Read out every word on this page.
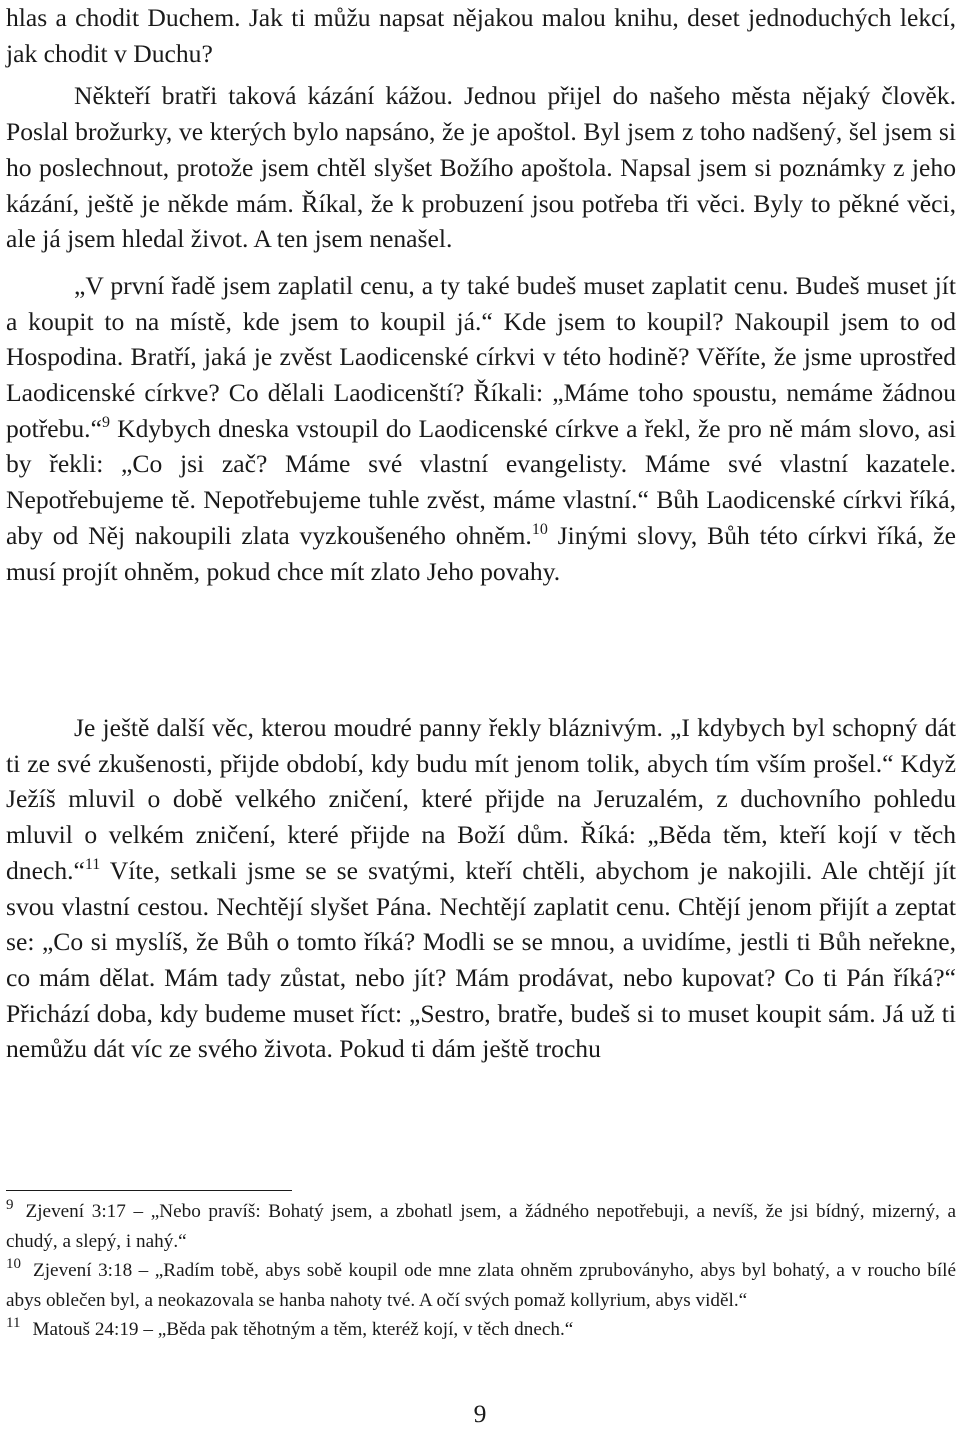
hlas a chodit Duchem. Jak ti můžu napsat nějakou malou knihu, deset jednoduchých lekcí, jak chodit v Duchu?

Někteří bratři taková kázání kážou. Jednou přijel do našeho města nějaký člověk. Poslal brožurky, ve kterých bylo napsáno, že je apoštol. Byl jsem z toho nadšený, šel jsem si ho poslechnout, protože jsem chtěl slyšet Božího apoštola. Napsal jsem si poznámky z jeho kázání, ještě je někde mám. Říkal, že k probuzení jsou potřeba tři věci. Byly to pěkné věci, ale já jsem hledal život. A ten jsem nenašel.

„V první řadě jsem zaplatil cenu, a ty také budeš muset zaplatit cenu. Budeš muset jít a koupit to na místě, kde jsem to koupil já.“ Kde jsem to koupil? Nakoupil jsem to od Hospodina. Bratří, jaká je zvěst Laodicenské církvi v této hodině? Věříte, že jsme uprostřed Laodicenské církve? Co dělali Laodicenští? Říkali: „Máme toho spoustu, nemáme žádnou potřebu.“$^9$ Kdybych dneska vstoupil do Laodicenské církve a řekl, že pro ně mám slovo, asi by řekli: „Co jsi zač? Máme své vlastní evangelisty. Máme své vlastní kazatele. Nepotřebujeme tě. Nepotřebujeme tuhle zvěst, máme vlastní.“ Bůh Laodicenské církvi říká, aby od Něj nakoupili zlata vyzkoušeného ohněm.$^{10}$ Jinými slovy, Bůh této církvi říká, že musí projít ohněm, pokud chce mít zlato Jeho povahy.

Je ještě další věc, kterou moudré panny řekly bláznivým. „I kdybych byl schopný dát ti ze své zkušenosti, přijde období, kdy budu mít jenom tolik, abych tím vším prošel.“ Když Ježíš mluvil o době velkého zničení, které přijde na Jeruzalém, z duchovního pohledu mluvil o velkém zničení, které přijde na Boží dům. Říká: „Běda těm, kteří kojí v těch dnech.“$^{11}$ Víte, setkali jsme se se svatými, kteří chtěli, abychom je nakojili. Ale chtějí jít svou vlastní cestou. Nechtějí slyšet Pána. Nechtějí zaplatit cenu. Chtějí jenom přijít a zeptat se: „Co si myslíš, že Bůh o tomto říká? Modli se se mnou, a uvidíme, jestli ti Bůh neřekne, co mám dělat. Mám tady zůstat, nebo jít? Mám prodávat, nebo kupovat? Co ti Pán říká?“ Přichází doba, kdy budeme muset říct: „Sestro, bratře, budeš si to muset koupit sám. Já už ti nemůžu dát víc ze svého života. Pokud ti dám ještě trochu

$^9$ Zjevení 3:17 – „Nebo pravíš: Bohatý jsem, a zbohatl jsem, a žádného nepotřebuji, a nevíš, že jsi bídný, mizerný, a chudý, a slepý, i nahý.“

$^{10}$ Zjevení 3:18 – „Radím tobě, abys sobě koupil ode mne zlata ohněm zpruboványho, abys byl bohatý, a v roucho bílé abys oblečen byl, a neokazovala se hanba nahoty tvé. A očí svých pomaž kollyrium, abys viděl.“

$^{11}$ Matouš 24:19 – „Běda pak těhotným a těm, kteréž kojí, v těch dnech.“

9
